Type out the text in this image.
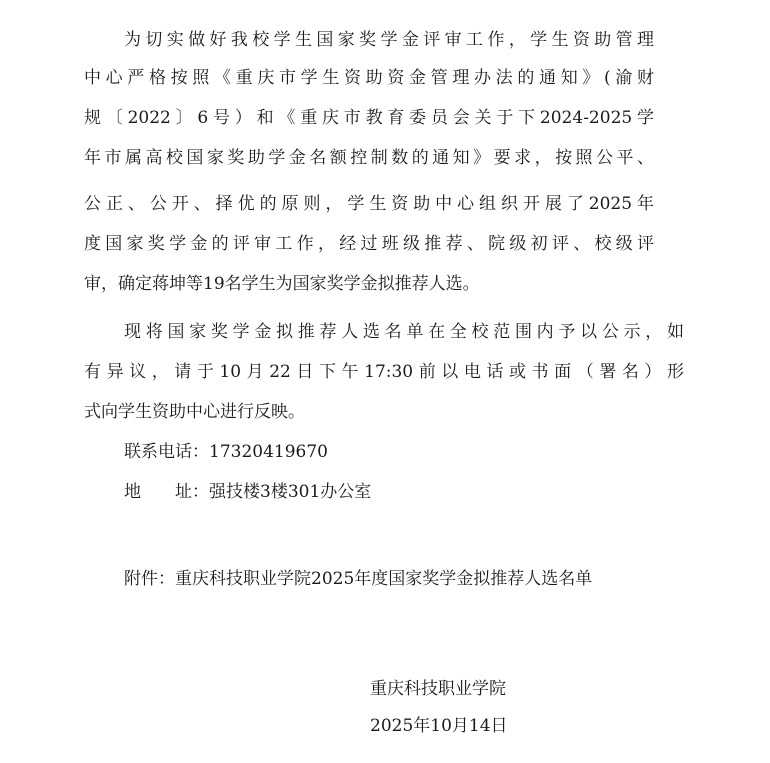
为切实做好我校学生国家奖学金评审工作，学生资助管理
中心严格按照《重庆市学生资助资金管理办法的通知》(渝财
规〔2022〕6号）和《重庆市教育委员会关于下2024-2025学
年市属高校国家奖助学金名额控制数的通知》要求，按照公平、
公正、公开、择优的原则，学生资助中心组织开展了2025年
度国家奖学金的评审工作，经过班级推荐、院级初评、校级评
审，确定蒋坤等19名学生为国家奖学金拟推荐人选。
现将国家奖学金拟推荐人选名单在全校范围内予以公示，如
有异议，请于10月22日下午17:30前以电话或书面（署名）形
式向学生资助中心进行反映。
联系电话：17320419670
地　　址：强技楼3楼301办公室
附件：重庆科技职业学院2025年度国家奖学金拟推荐人选名单
重庆科技职业学院
2025年10月14日
